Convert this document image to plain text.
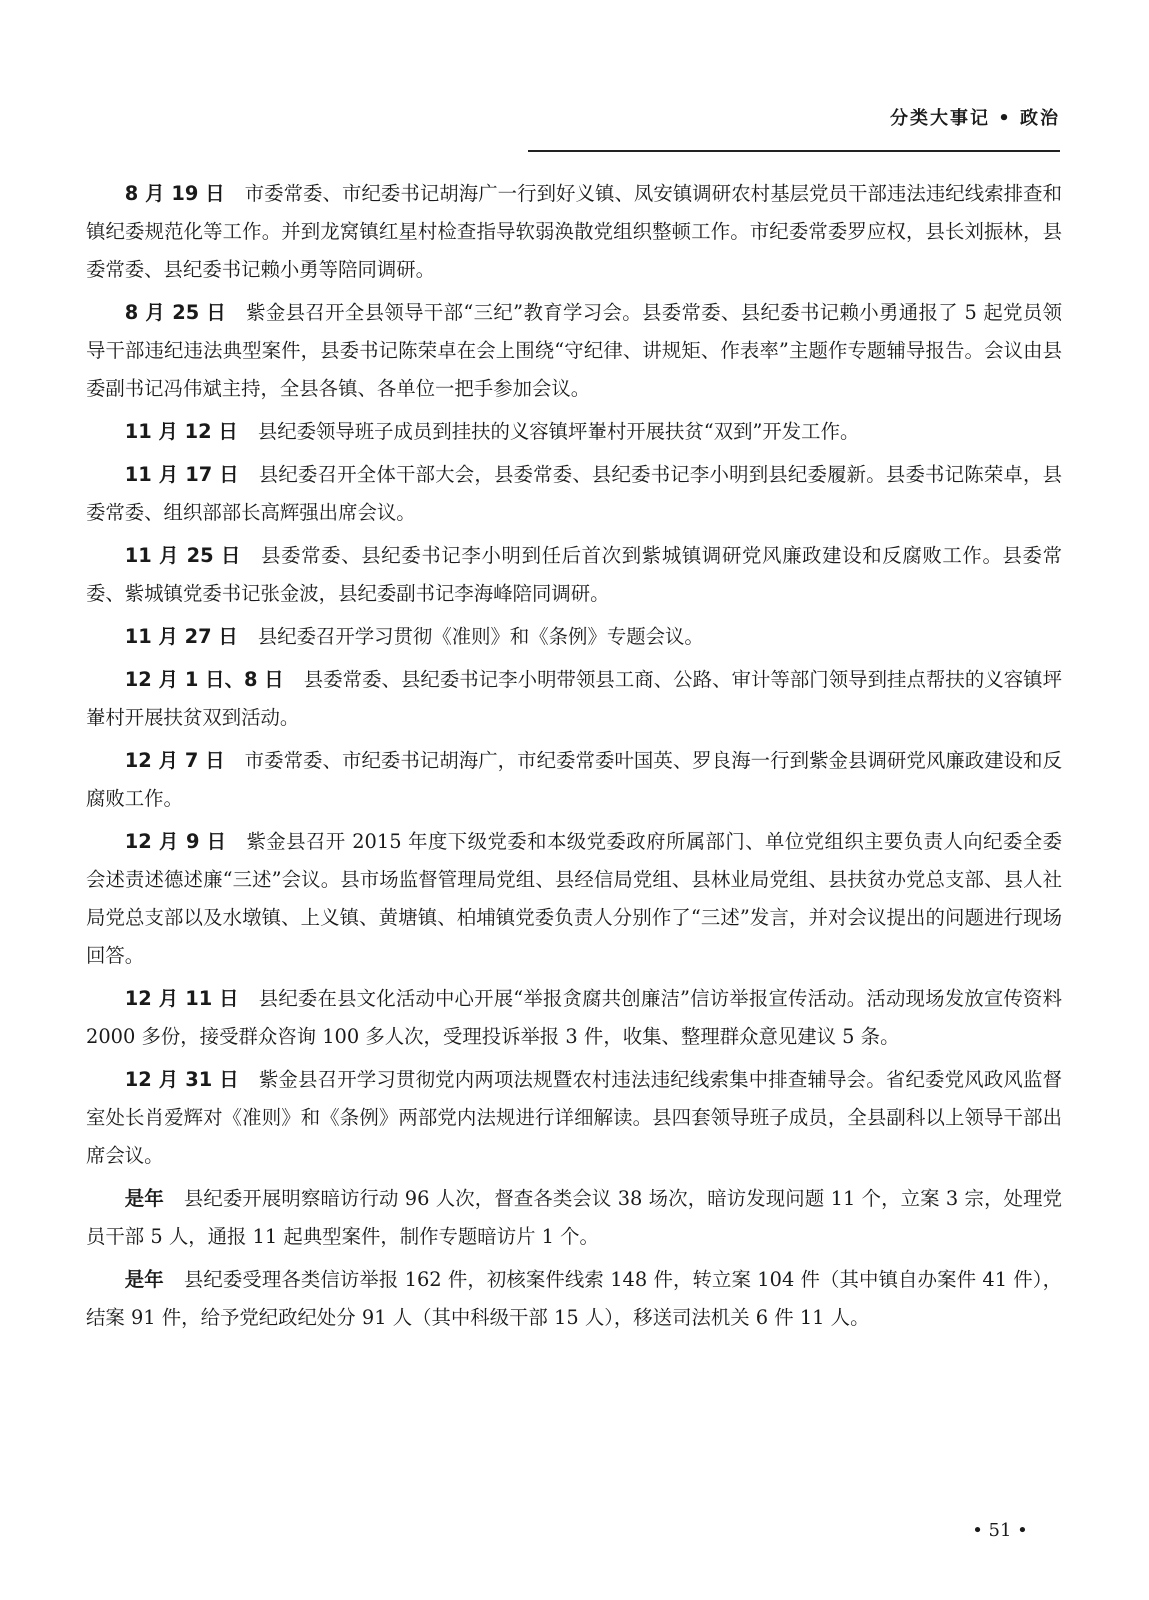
分类大事记 • 政治

8 月 19 日 市委常委、市纪委书记胡海广一行到好义镇、凤安镇调研农村基层党员干部违法违纪线索排查和镇纪委规范化等工作。并到龙窝镇红星村检查指导软弱涣散党组织整顿工作。市纪委常委罗应权，县长刘振林，县委常委、县纪委书记赖小勇等陪同调研。

8 月 25 日 紫金县召开全县领导干部“三纪”教育学习会。县委常委、县纪委书记赖小勇通报了 5 起党员领导干部违纪违法典型案件，县委书记陈荣卓在会上围绕“守纪律、讲规矩、作表率”主题作专题辅导报告。会议由县委副书记冯伟斌主持，全县各镇、各单位一把手参加会议。

11 月 12 日 县纪委领导班子成员到挂扶的义容镇坪輋村开展扶贫“双到”开发工作。

11 月 17 日 县纪委召开全体干部大会，县委常委、县纪委书记李小明到县纪委履新。县委书记陈荣卓，县委常委、组织部部长高辉强出席会议。

11 月 25 日 县委常委、县纪委书记李小明到任后首次到紫城镇调研党风廉政建设和反腐败工作。县委常委、紫城镇党委书记张金波，县纪委副书记李海峰陪同调研。

11 月 27 日 县纪委召开学习贯彻《准则》和《条例》专题会议。

12 月 1 日、8 日 县委常委、县纪委书记李小明带领县工商、公路、审计等部门领导到挂点帮扶的义容镇坪輋村开展扶贫双到活动。

12 月 7 日 市委常委、市纪委书记胡海广，市纪委常委叶国英、罗良海一行到紫金县调研党风廉政建设和反腐败工作。

12 月 9 日 紫金县召开 2015 年度下级党委和本级党委政府所属部门、单位党组织主要负责人向纪委全委会述责述德述廉“三述”会议。县市场监督管理局党组、县经信局党组、县林业局党组、县扶贫办党总支部、县人社局党总支部以及水墩镇、上义镇、黄塘镇、柏埔镇党委负责人分别作了“三述”发言，并对会议提出的问题进行现场回答。

12 月 11 日 县纪委在县文化活动中心开展“举报贪腐共创廉洁”信访举报宣传活动。活动现场发放宣传资料 2000 多份，接受群众咨询 100 多人次，受理投诉举报 3 件，收集、整理群众意见建议 5 条。

12 月 31 日 紫金县召开学习贯彻党内两项法规暨农村违法违纪线索集中排查辅导会。省纪委党风政风监督室处长肖爱辉对《准则》和《条例》两部党内法规进行详细解读。县四套领导班子成员，全县副科以上领导干部出席会议。

是年 县纪委开展明察暗访行动 96 人次，督查各类会议 38 场次，暗访发现问题 11 个，立案 3 宗，处理党员干部 5 人，通报 11 起典型案件，制作专题暗访片 1 个。

是年 县纪委受理各类信访举报 162 件，初核案件线索 148 件，转立案 104 件（其中镇自办案件 41 件），结案 91 件，给予党纪政纪处分 91 人（其中科级干部 15 人），移送司法机关 6 件 11 人。

• 51 •
